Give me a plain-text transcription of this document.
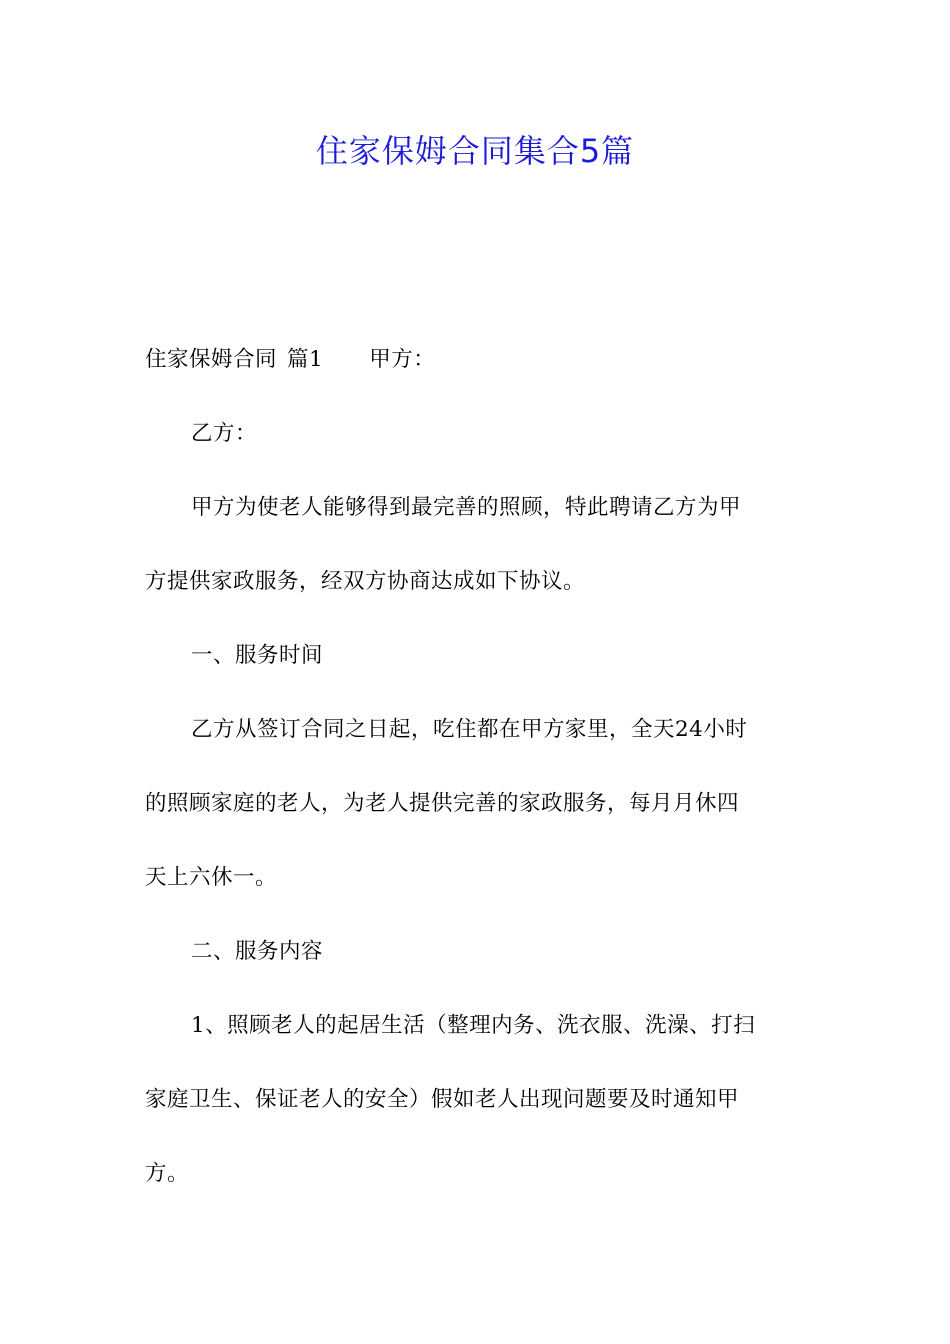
住家保姆合同集合5篇
住家保姆合同 篇1 甲方：
乙方：
甲方为使老人能够得到最完善的照顾，特此聘请乙方为甲
方提供家政服务，经双方协商达成如下协议。
一、服务时间
乙方从签订合同之日起，吃住都在甲方家里，全天24小时
的照顾家庭的老人，为老人提供完善的家政服务，每月月休四
天上六休一。
二、服务内容
1、照顾老人的起居生活（整理内务、洗衣服、洗澡、打扫
家庭卫生、保证老人的安全）假如老人出现问题要及时通知甲
方。
